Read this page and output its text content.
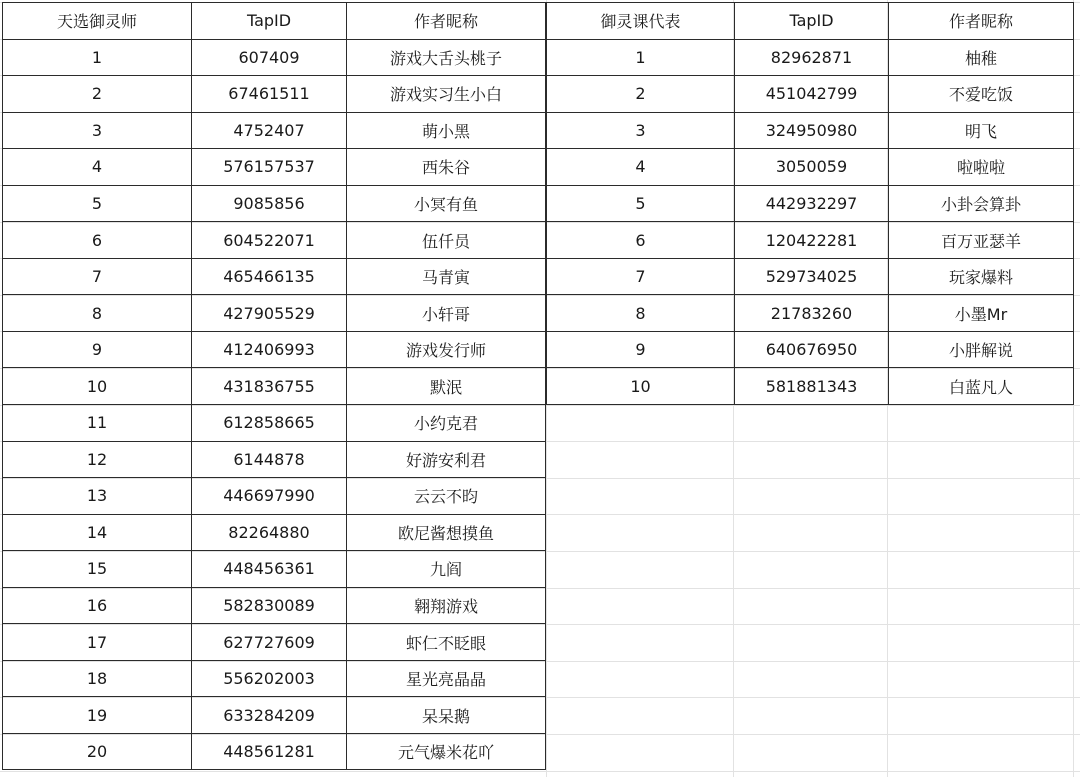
天选御灵师	TapID	作者昵称
1	607409	游戏大舌头桃子
2	67461511	游戏实习生小白
3	4752407	萌小黑
4	576157537	西朱谷
5	9085856	小冥有鱼
6	604522071	伍仟员
7	465466135	马青寅
8	427905529	小轩哥
9	412406993	游戏发行师
10	431836755	默泯
11	612858665	小约克君
12	6144878	好游安利君
13	446697990	云云不昀
14	82264880	欧尼酱想摸鱼
15	448456361	九阎
16	582830089	翱翔游戏
17	627727609	虾仁不眨眼
18	556202003	星光亮晶晶
19	633284209	呆呆鹅
20	448561281	元气爆米花吖
御灵课代表	TapID	作者昵称
1	82962871	柚稚
2	451042799	不爱吃饭
3	324950980	明飞
4	3050059	啦啦啦
5	442932297	小卦会算卦
6	120422281	百万亚瑟羊
7	529734025	玩家爆料
8	21783260	小墨Mr
9	640676950	小胖解说
10	581881343	白蓝凡人
